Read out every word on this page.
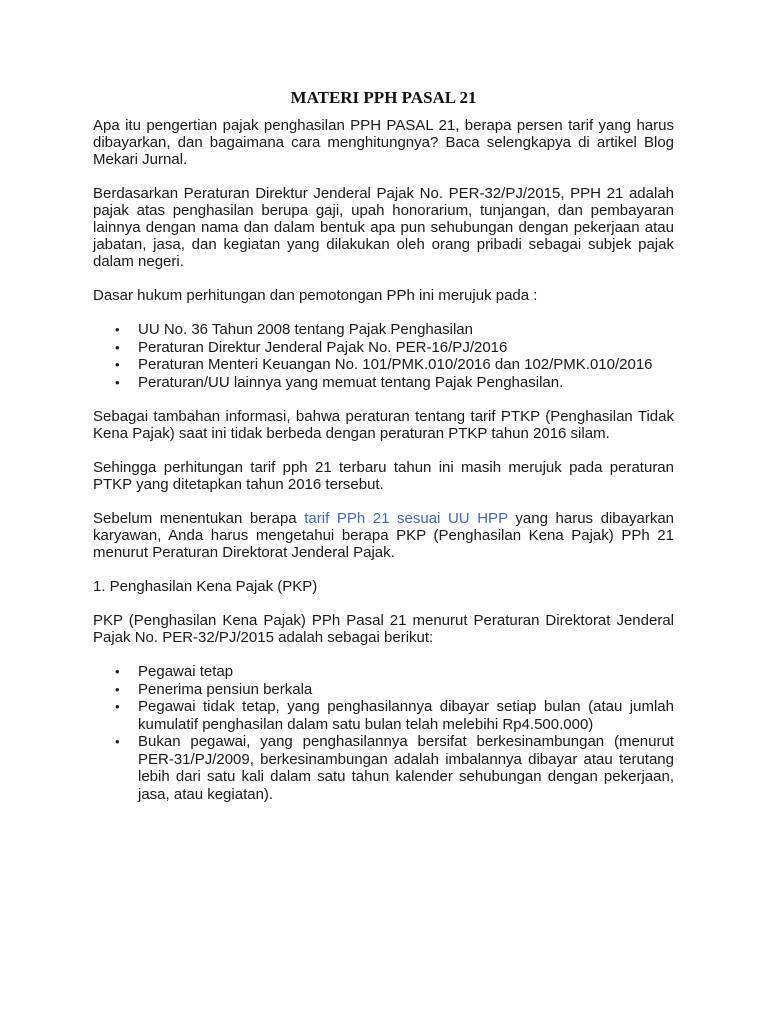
MATERI PPH PASAL 21

Apa itu pengertian pajak penghasilan PPH PASAL 21, berapa persen tarif yang harus dibayarkan, dan bagaimana cara menghitungnya? Baca selengkapya di artikel Blog Mekari Jurnal.

Berdasarkan Peraturan Direktur Jenderal Pajak No. PER-32/PJ/2015, PPH 21 adalah pajak atas penghasilan berupa gaji, upah honorarium, tunjangan, dan pembayaran lainnya dengan nama dan dalam bentuk apa pun sehubungan dengan pekerjaan atau jabatan, jasa, dan kegiatan yang dilakukan oleh orang pribadi sebagai subjek pajak dalam negeri.

Dasar hukum perhitungan dan pemotongan PPh ini merujuk pada :

• UU No. 36 Tahun 2008 tentang Pajak Penghasilan
• Peraturan Direktur Jenderal Pajak No. PER-16/PJ/2016
• Peraturan Menteri Keuangan No. 101/PMK.010/2016 dan 102/PMK.010/2016
• Peraturan/UU lainnya yang memuat tentang Pajak Penghasilan.

Sebagai tambahan informasi, bahwa peraturan tentang tarif PTKP (Penghasilan Tidak Kena Pajak) saat ini tidak berbeda dengan peraturan PTKP tahun 2016 silam.

Sehingga perhitungan tarif pph 21 terbaru tahun ini masih merujuk pada peraturan PTKP yang ditetapkan tahun 2016 tersebut.

Sebelum menentukan berapa tarif PPh 21 sesuai UU HPP yang harus dibayarkan karyawan, Anda harus mengetahui berapa PKP (Penghasilan Kena Pajak) PPh 21 menurut Peraturan Direktorat Jenderal Pajak.

1. Penghasilan Kena Pajak (PKP)

PKP (Penghasilan Kena Pajak) PPh Pasal 21 menurut Peraturan Direktorat Jenderal Pajak No. PER-32/PJ/2015 adalah sebagai berikut:

• Pegawai tetap
• Penerima pensiun berkala
• Pegawai tidak tetap, yang penghasilannya dibayar setiap bulan (atau jumlah kumulatif penghasilan dalam satu bulan telah melebihi Rp4.500.000)
• Bukan pegawai, yang penghasilannya bersifat berkesinambungan (menurut PER-31/PJ/2009, berkesinambungan adalah imbalannya dibayar atau terutang lebih dari satu kali dalam satu tahun kalender sehubungan dengan pekerjaan, jasa, atau kegiatan).
